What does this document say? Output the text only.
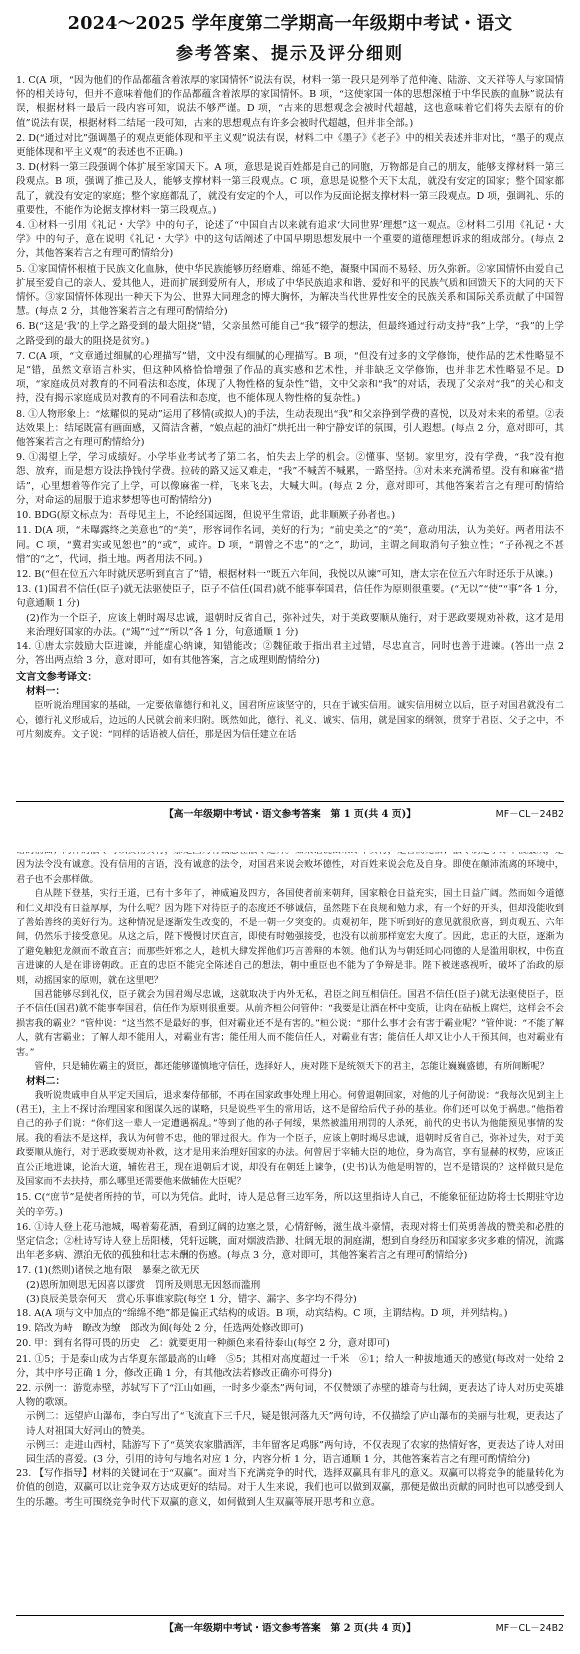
2024～2025 学年度第二学期高一年级期中考试・语文
参考答案、提示及评分细则

1. C(A 项，“因为他们的作品都蕴含着浓厚的家国情怀”说法有误，材料一第一段只是列举了范仲淹、陆游、文天祥等人与家国情怀的相关诗句，但并不意味着他们的作品都蕴含着浓厚的家国情怀。B 项，“这使家国一体的思想深植于中华民族的血脉”说法有误，根据材料一最后一段内容可知，说法不够严谨。D 项，“古来的思想观念会被时代超越，这也意味着它们将失去原有的价值”说法有误，根据材料二结尾一段可知，古来的思想观点有许多会被时代超越，但并非全部。)

2. D(“通过对比”强调墨子的观点更能体现和平主义观”说法有误，材料二中《墨子》《老子》中的相关表述并非对比，“墨子的观点更能体现和平主义观”的表述也不正确。)

3. D(材料一第三段强调个体扩展至家国天下。A 项，意思是说百姓都是自己的同胞，万物都是自己的朋友，能够支撑材料一第三段观点。B 项，强调了推己及人，能够支撑材料一第三段观点。C 项，意思是说整个天下太乱，就没有安定的国家；整个国家都乱了，就没有安定的家庭；整个家庭都乱了，就没有安定的个人，可以作为反面论据支撑材料一第三段观点。D 项，强调礼、乐的重要性，不能作为论据支撑材料一第三段观点。)

4. ①材料一引用《礼记・大学》中的句子，论述了“中国自古以来就有追求‘大同世界’理想”这一观点。②材料二引用《礼记・大学》中的句子，意在说明《礼记・大学》中的这句话阐述了中国早期思想发展中一个重要的道德理想诉求的组成部分。(每点 2 分，其他答案若言之有理可酌情给分)

5. ①家国情怀根植于民族文化血脉，使中华民族能够历经磨难、绵延不绝，凝聚中国而不易轻、历久弥新。②家国情怀由爱自己扩展至爱自己的亲人、爱其他人，进而扩展到爱所有人，形成了中华民族追求和谐、爱好和平的民族气质和回馈天下的大同的天下情怀。③家国情怀体现出一种天下为公、世界大同理念的博大胸怀，为解决当代世界性安全的民族关系和国际关系贡献了中国智慧。(每点 2 分，其他答案若言之有理可酌情给分)

6. B(“这是‘我’的上学之路受到的最大阻挠”错，父亲虽然可能自己“我”辍学的想法，但最终通过行动支持“我”上学，“我”的上学之路受到的最大的阻挠是贫穷。)

7. C(A 项，“文章通过细腻的心理描写”错，文中没有细腻的心理描写。B 项，“但没有过多的文学修饰，使作品的艺术性略显不足”错，虽然文章语言朴实，但这种风格恰恰增强了作品的真实感和艺术性，并非缺乏文学修饰，也并非艺术性略显不足。D 项，“家庭成员对教育的不同看法和态度，体现了人物性格的复杂性”错，文中父亲和“我”的对话，表现了父亲对“我”的关心和支持，没有揭示家庭成员对教育的不同看法和态度，也不能体现人物性格的复杂性。)

8. ①人物形象上：“炫耀似的晃动”运用了移情(或拟人)的手法，生动表现出“我”和父亲挣到学费的喜悦，以及对未来的希望。②表达效果上：结尾既富有画面感，又简洁含蓄，“娘点起的油灯”烘托出一种宁静安详的氛围，引人遐想。(每点 2 分，意对即可，其他答案若言之有理可酌情给分)

9. ①渴望上学，学习成绩好。小学毕业考试考了第二名，怕失去上学的机会。②懂事、坚韧。家里穷，没有学费，“我”没有抱怨、放弃，而是想方设法挣钱付学费。拉砖的路又远又难走，“我”不喊苦不喊累，一路坚持。③对未来充满希望。没有和麻雀“措话”，心里想着等作完了上学，可以像麻雀一样，飞来飞去，大喊大叫。(每点 2 分，意对即可，其他答案若言之有理可酌情给分，对命运的屈服于追求梦想等也可酌情给分)

10. BDG(原文标点为：吾母见主上，不论经国远图，但说平生常语，此非顺厥子孙者也。)

11. D(A 项，“未曝露终之美意也”的“美”，形容词作名词，美好的行为；“前史美之”的“美”，意动用法，认为美好。两者用法不同。C 项，“冀君实或见恕也”的“或”，或许。D 项，“谓曾之不忠”的“之”，助词，主谓之间取消句子独立性；“子孙视之不甚惜”的“之”，代词，指土地。两者用法不同。)

12. B(“但在位五六年时就厌恶听到直言了”错，根据材料一“既五六年间，我悦以从谏”可知，唐太宗在位五六年时还乐于从谏。)

13. (1)国君不信任(臣子)就无法驱使臣子，臣子不信任(国君)就不能事奉国君，信任作为原则很重要。(“无以”“使”“事”各 1 分，句意通顺 1 分)

(2)作为一个臣子，应该上朝时竭尽忠诚，退朝时反省自己，弥补过失，对于美政要顺从施行，对于恶政要规劝补救，这才是用来治理好国家的办法。(“竭”“过”“所以”各 1 分，句意通顺 1 分)

14. ①唐太宗鼓励大臣进谏，并能虚心纳谏，知错能改；②魏征敢于指出君主过错，尽忠直言，同时也善于进谏。(答出一点 2 分，答出两点给 3 分，意对即可，如有其他答案，言之成理则酌情给分)

文言文参考译文：
材料一：

臣听说治理国家的基础，一定要依靠德行和礼义，国君所应该坚守的，只在于诚实信用。诚实信用树立以后，臣子对国君就没有二心，德行礼义形成后，边远的人民就会前来归附。既然如此，德行、礼义、诚实、信用，就是国家的纲领，贯穿于君臣、父子之中，不可片刻废弃。文子说：“同样的话语被人信任，那是因为信任建立在话

【高一年级期中考试・语文参考答案　第 1 页(共 4 页)】	MF－CL－24B2

因为法令没有诚意。没有信用的言语，没有诚意的法令，对国君来说会败坏德性，对百姓来说会危及自身。即使在颠沛流离的环境中，君子也不会那样做。

自从陛下登基，实行王道，已有十多年了，神威遍及四方，各国使者前来朝拜，国家粮仓日益充实，国土日益广阔。然而如今道德和仁义却没有日益厚厚，为什么呢？因为陛下对待臣子的态度还不够诚信，虽然陛下在良规和勉力求，有一个好的开头，但却没能收到了善始善终的美好行为。这种情况是逐渐发生改变的，不是一朝一夕突变的。贞观初年，陛下听到好的意见就很欣喜，到贞观五、六年间，仍然乐于接受意见。从这之后，陛下慢慢讨厌直言，即使有时勉强接受，也没有以前那样宽宏大度了。因此，忠正的大臣，逐渐为了避免触犯龙颜而不敢直言；而那些奸邪之人，趁机大肆发挥他们巧言善辩的本领。他们认为与朝廷同心同德的人是滥用职权，中伤直言进谏的人是在诽谤朝政。正直的忠臣不能完全陈述自己的想法，朝中重臣也不能为了争辩是非。陛下被迷惑视听，破坏了治政的原则，动摇国家的原则，就在这里吧？

国君能够尽到礼仪，臣子就会为国君竭尽忠诚，这就取决于内外无私，君臣之间互相信任。国君不信任(臣子)就无法驱使臣子，臣子不信任(国君)就不能事奉国君，信任作为原则很重要。从前齐桓公问管仲：“我要是让酒在杯中变质，让肉在砧板上腐烂，这样会不会损害我的霸业？”管仲说：“这当然不是最好的事，但对霸业还不是有害的。”桓公说：“那什么事才会有害于霸业呢？”管仲说：“不能了解人，就有害霸业；了解人却不能用人，对霸业有害；能任用人而不能信任人，对霸业有害；能信任人却又让小人干预其间，也对霸业有害。”

管仲，只是辅佐霸主的贤臣，都还能够谨慎地守信任，选择好人，庚对陛下是统领天下的君主，怎能让巍巍盛德，有所间断呢？

材料二：

我听说贵戚申自从平定天国后，退求秦侍郁郁，不再在国家政事处理上用心。何曾退朝回家，对他的儿子何劭说：“我每次见到主上(君王)，主上不探讨治理国家和图谋久远的谋略，只是说些平生的常用话，这不是留给后代子孙的基业。你们还可以免于祸患。”他指着自己的孙子们说：“你们这一辈人一定遭遇祸乱。”等到了他的孙子何绥，果然被滥用刑罚的人杀死，前代的史书认为他能预见事情的发展。我的看法不是这样，我认为何曾不忠，他的罪过很大。作为一个臣子，应该上朝时竭尽忠诚，退朝时反省自己，弥补过失，对于美政要顺从施行，对于恶政要规劝补救，这才是用来治理好国家的办法。何曾居于宰辅大臣的地位，身为高官，享有显赫的权势，应该正直公正地进谏，论治大道，辅佐君王，现在退朝后才说，却没有在朝廷上谏争，(史书)认为他是明智的，岂不是错误的？这样做只是危及国家而不去扶持，那么哪里还需要他来做辅佐大臣呢？

15. C(“庶节”是使者所持的节，可以为凭信。此时，诗人是总督三边军务，所以这里指诗人自己，不能象征征边防将士长期驻守边关的辛劳。)

16. ①诗人登上花马池城，喝着菊花酒，看到辽阔的边塞之景，心情舒畅，滋生战斗豪情，表现对将士们英勇善战的赞美和必胜的坚定信念；②杜诗写诗人登上岳阳楼，凭轩远眺，面对烟波浩渺、壮阔无垠的洞庭湖，想到自身经历和国家多灾多难的情况，流露出年老多病、漂泊无依的孤独和壮志未酬的伤感。(每点 3 分，意对即可，其他答案若言之有理可酌情给分)

17. (1)(然则)诸侯之地有限　暴秦之欲无厌

(2)恩所加则思无因喜以谬赏　罚所及则思无因怒而滥刑
(3)良辰美景奈何天　赏心乐事谁家院(每空 1 分，错字、漏字、多字均不得分)

18. A(A 项与文中加点的“绵绵不绝”都是偏正式结构的成语。B 项，动宾结构。C 项，主谓结构。D 项，并列结构。)

19. 陪改为峙　瞭改为缭　郎改为阆(每处 2 分，任选两处修改即可)

20. 甲：到有名得可畏的历史　乙：就要更用一种颜色来看待泰山(每空 2 分，意对即可)

21. ①5；于是泰山成为古华夏东部最高的山峰　⑤5；其相对高度超过一千米　⑥1；给人一种拔地通天的感觉(每改对一处给 2 分，其中序号正确 1 分，修改正确 1 分，有其他改法若修改正确亦可得分)

22. 示例一：游览赤壁，苏轼写下了“江山如画，一时多少豪杰”两句词，不仅赞颂了赤壁的雄奇与壮阔，更表达了诗人对历史英雄人物的歌颂。

示例二：远望庐山瀑布，李白写出了“飞流直下三千尺，疑是银河落九天”两句诗，不仅描绘了庐山瀑布的美丽与壮观，更表达了诗人对祖国大好河山的赞美。
示例三：走进山西村，陆游写下了“莫笑农家腊酒浑，丰年留客足鸡豚”两句诗，不仅表现了农家的热情好客，更表达了诗人对田园生活的喜爱。(3 分，引用的诗句与地名对应 1 分，内容分析 1 分，语言通顺 1 分，其他答案若言之有理可酌情给分)

23. 【写作指导】材料的关键词在于“双赢”。面对当下充满竞争的时代，选择双赢具有非凡的意义。双赢可以将竞争的能量转化为价值的创造，双赢可以让竞争双方达成更好的结局。对于人生来说，我们也可以做到双赢，那便是做出贡献的同时也可以感受到人生的乐趣。考生可围绕竞争时代下双赢的意义，如何做到人生双赢等展开思考和立意。

【高一年级期中考试・语文参考答案　第 2 页(共 4 页)】	MF－CL－24B2
